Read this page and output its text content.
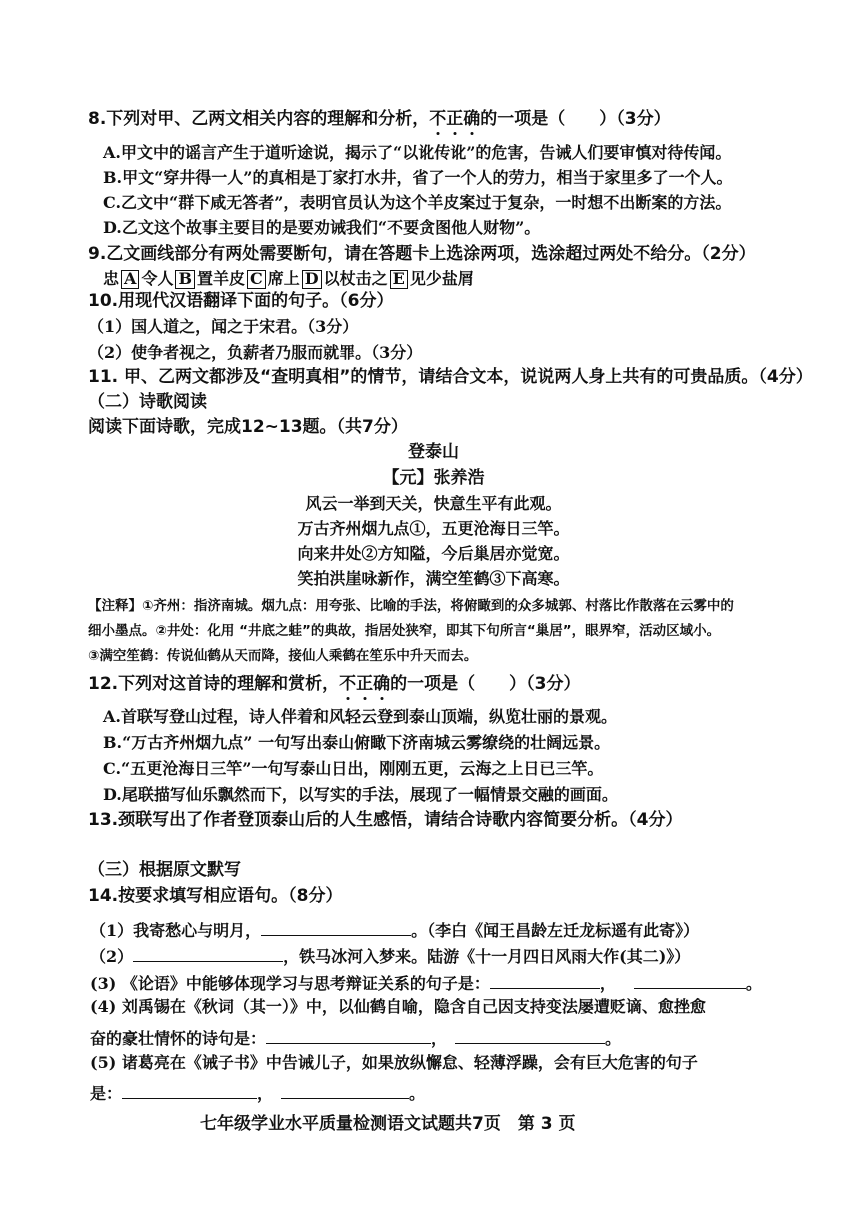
8.下列对甲、乙两文相关内容的理解和分析，不正确的一项是（　　）（3分）
A.甲文中的谣言产生于道听途说，揭示了“以讹传讹”的危害，告诫人们要审慎对待传闻。
B.甲文“穿井得一人”的真相是丁家打水井，省了一个人的劳力，相当于家里多了一个人。
C.乙文中“群下咸无答者”，表明官员认为这个羊皮案过于复杂，一时想不出断案的方法。
D.乙文这个故事主要目的是要劝诫我们“不要贪图他人财物”。
9.乙文画线部分有两处需要断句，请在答题卡上选涂两项，选涂超过两处不给分。（2分）
忠 A 令人 B 置羊皮 C 席上 D 以杖击之 E 见少盐屑
10.用现代汉语翻译下面的句子。（6分）
（1）国人道之，闻之于宋君。（3分）
（2）使争者视之，负薪者乃服而就罪。（3分）
11. 甲、乙两文都涉及“查明真相”的情节，请结合文本，说说两人身上共有的可贵品质。（4分）
（二）诗歌阅读
阅读下面诗歌，完成12~13题。（共7分）
登泰山
【元】张养浩
风云一举到天关，快意生平有此观。
万古齐州烟九点①，五更沧海日三竿。
向来井处②方知隘，今后巢居亦觉宽。
笑拍洪崖咏新作，满空笙鹤③下高寒。
【注释】①齐州：指济南城。烟九点：用夸张、比喻的手法，将俯瞰到的众多城郭、村落比作散落在云雾中的
细小墨点。②井处：化用 “井底之蛙”的典故，指居处狭窄，即其下句所言“巢居”，眼界窄，活动区域小。
③满空笙鹤：传说仙鹤从天而降，接仙人乘鹤在笙乐中升天而去。
12.下列对这首诗的理解和赏析，不正确的一项是（　　）（3分）
A.首联写登山过程，诗人伴着和风轻云登到泰山顶端，纵览壮丽的景观。
B.“万古齐州烟九点” 一句写出泰山俯瞰下济南城云雾缭绕的壮阔远景。
C.“五更沧海日三竿”一句写泰山日出，刚刚五更，云海之上日已三竿。
D.尾联描写仙乐飘然而下，以写实的手法，展现了一幅情景交融的画面。
13.颈联写出了作者登顶泰山后的人生感悟，请结合诗歌内容简要分析。（4分）
（三）根据原文默写
14.按要求填写相应语句。（8分）
（1）我寄愁心与明月，	。（李白《闻王昌龄左迁龙标遥有此寄》）
（2）	，铁马冰河入梦来。陆游《十一月四日风雨大作(其二)》）
(3) 《论语》中能够体现学习与思考辩证关系的句子是：	，	。
(4) 刘禹锡在《秋词（其一）》中，以仙鹤自喻，隐含自己因支持变法屡遭贬谪、愈挫愈
奋的豪壮情怀的诗句是：	，	。
(5) 诸葛亮在《诫子书》中告诫儿子，如果放纵懈怠、轻薄浮躁，会有巨大危害的句子
是：	，	。
七年级学业水平质量检测语文试题共7页　第 3 页
